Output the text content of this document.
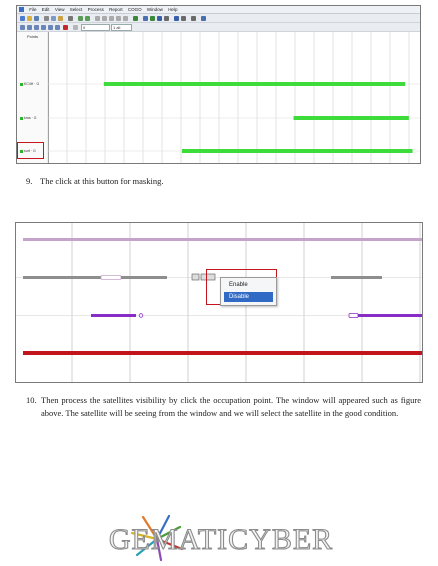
File Edit View Select Process Report COGO Window Help
0	1 all
Points
KC4H · G
kma · G
surf · G
9. The click at this button for masking.
Enable
Disable
10. Then process the satellites visibility by click the occupation point. The window will appeared such as figure above. The satellite will be seeing from the window and we will select the satellite in the good condition.
GEMATICYBER
